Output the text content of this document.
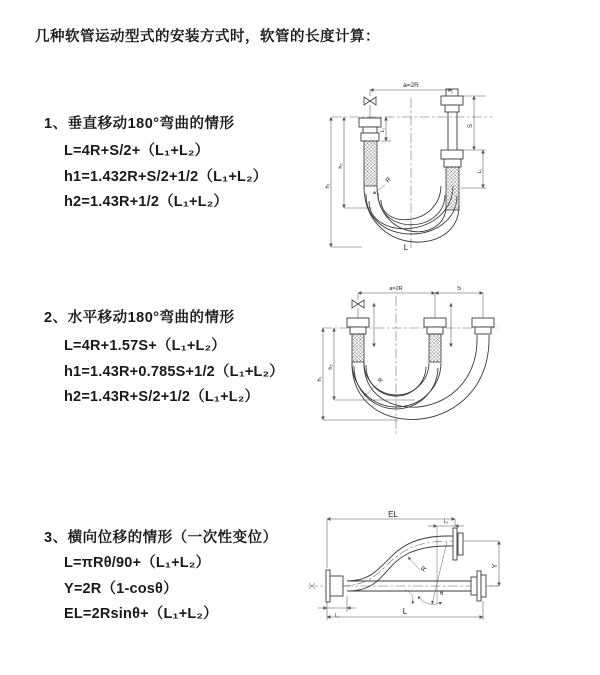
几种软管运动型式的安装方式时，软管的长度计算：
1、垂直移动180°弯曲的情形
L=4R+S/2+（L₁+L₂）
h1=1.432R+S/2+1/2（L₁+L₂）
h2=1.43R+1/2（L₁+L₂）
2、水平移动180°弯曲的情形
L=4R+1.57S+（L₁+L₂）
h1=1.43R+0.785S+1/2（L₁+L₂）
h2=1.43R+S/2+1/2（L₁+L₂）
3、横向位移的情形（一次性变位）
L=πRθ/90+（L₁+L₂）
Y=2R（1-cosθ）
EL=2Rsinθ+（L₁+L₂）
a=2R
L₁
S
L₂
h₂
h₁
R
L
a=2R	S
h₂
h₁	R
EL
L₂
Y
R
θ
L₁	L
